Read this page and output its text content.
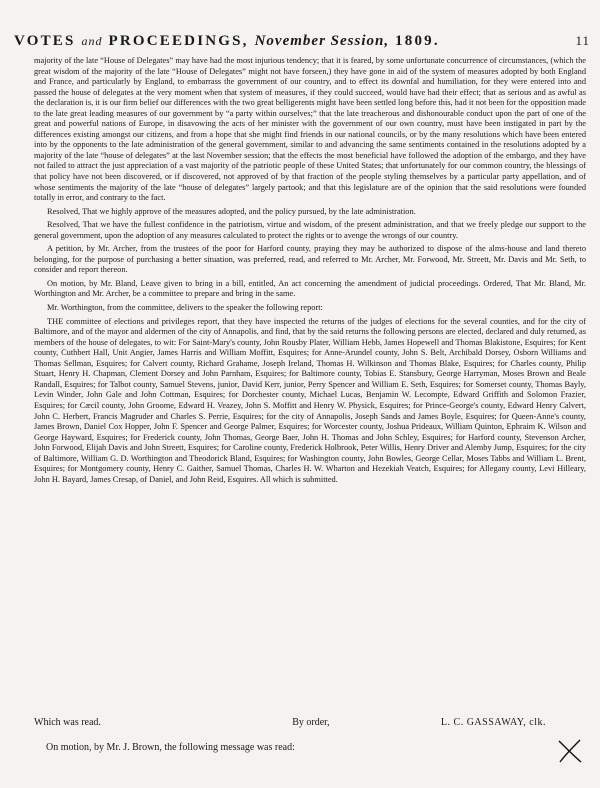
VOTES and PROCEEDINGS, November Session, 1809.	11

majority of the late “House of Delegates” may have had the most injurious tendency; that it is feared, by some unfortunate concurrence of circumstances, (which the great wisdom of the majority of the late “House of Delegates” might not have forseen,) they have gone in aid of the system of measures adopted by both England and France, and particularly by England, to embarrass the government of our country, and to effect its downfal and humiliation, for they were entered into and passed the house of delegates at the very moment when that system of measures, if they could succeed, would have had their effect; that as serious and as awful as the declaration is, it is our firm belief our differences with the two great belligerents might have been settled long before this, had it not been for the opposition made to the late great leading measures of our government by “a party within ourselves;” that the late treacherous and dishonourable conduct upon the part of one of the great and powerful nations of Europe, in disavowing the acts of her minister with the government of our own country, must have been instigated in part by the differences existing amongst our citizens, and from a hope that she might find friends in our national councils, or by the many resolutions which have been entered into by the opponents to the late administration of the general government, similar to and advancing the same sentiments contained in the resolutions adopted by a majority of the late “house of delegates” at the last November session; that the effects the most beneficial have followed the adoption of the embargo, and they have not failed to attract the just appreciation of a vast majority of the patriotic people of these United States; that unfortunately for our common country, the blessings of that policy have not been discovered, or if discovered, not approved of by that fraction of the people styling themselves by a particular party appellation, and of whose sentiments the majority of the late “house of delegates” largely partook; and that this legislature are of the opinion that the said resolutions were founded totally in error, and contrary to the fact.

Resolved, That we highly approve of the measures adopted, and the policy pursued, by the late administration.

Resolved, That we have the fullest confidence in the patriotism, virtue and wisdom, of the present administration, and that we freely pledge our support to the general government, upon the adoption of any measures calculated to protect the rights or to avenge the wrongs of our country.

A petition, by Mr. Archer, from the trustees of the poor for Harford county, praying they may be authorized to dispose of the alms-house and land thereto belonging, for the purpose of purchasing a better situation, was preferred, read, and referred to Mr. Archer, Mr. Forwood, Mr. Streett, Mr. Davis and Mr. Seth, to consider and report thereon.

On motion, by Mr. Bland, Leave given to bring in a bill, entitled, An act concerning the amendment of judicial proceedings. Ordered, That Mr. Bland, Mr. Worthington and Mr. Archer, be a committee to prepare and bring in the same.

Mr. Worthington, from the committee, delivers to the speaker the following report:

THE committee of elections and privileges report, that they have inspected the returns of the judges of elections for the several counties, and for the city of Baltimore, and of the mayor and aldermen of the city of Annapolis, and find, that by the said returns the following persons are elected, declared and duly returned, as members of the house of delegates, to wit: For Saint-Mary's county, John Rousby Plater, William Hebb, James Hopewell and Thomas Blakistone, Esquires; for Kent county, Cuthbert Hall, Unit Angier, James Harris and William Moffitt, Esquires; for Anne-Arundel county, John S. Belt, Archibald Dorsey, Osborn Williams and Thomas Sellman, Esquires; for Calvert county, Richard Grahame, Joseph Ireland, Thomas H. Wilkinson and Thomas Blake, Esquires; for Charles county, Philip Stuart, Henry H. Chapman, Clement Dorsey and John Parnham, Esquires; for Baltimore county, Tobias E. Stansbury, George Harryman, Moses Brown and Beale Randall, Esquires; for Talbot county, Samuel Stevens, junior, David Kerr, junior, Perry Spencer and William E. Seth, Esquires; for Somerset county, Thomas Bayly, Levin Winder, John Gale and John Cottman, Esquires; for Dorchester county, Michael Lucas, Benjamin W. Lecompte, Edward Griffith and Solomon Frazier, Esquires; for Cæcil county, John Groome, Edward H. Veazey, John S. Moffitt and Henry W. Physick, Esquires; for Prince-George's county, Edward Henry Calvert, John C. Herbert, Francis Magruder and Charles S. Perrie, Esquires; for the city of Annapolis, Joseph Sands and James Boyle, Esquires; for Queen-Anne's county, James Brown, Daniel Cox Hopper, John F. Spencer and George Palmer, Esquires; for Worcester county, Joshua Prideaux, William Quinton, Ephraim K. Wilson and George Hayward, Esquires; for Frederick county, John Thomas, George Baer, John H. Thomas and John Schley, Esquires; for Harford county, Stevenson Archer, John Forwood, Elijah Davis and John Streett, Esquires; for Caroline county, Frederick Holbrook, Peter Willis, Henry Driver and Alemby Jump, Esquires; for the city of Baltimore, William G. D. Worthington and Theodorick Bland, Esquires; for Washington county, John Bowles, George Cellar, Moses Tabbs and William L. Brent, Esquires; for Montgomery county, Henry C. Gaither, Samuel Thomas, Charles H. W. Wharton and Hezekiah Veatch, Esquires; for Allegany county, Levi Hilleary, John H. Bayard, James Cresap, of Daniel, and John Reid, Esquires. All which is submitted.

Which was read.	By order,	L. C. GASSAWAY, clk.
On motion, by Mr. J. Brown, the following message was read:
